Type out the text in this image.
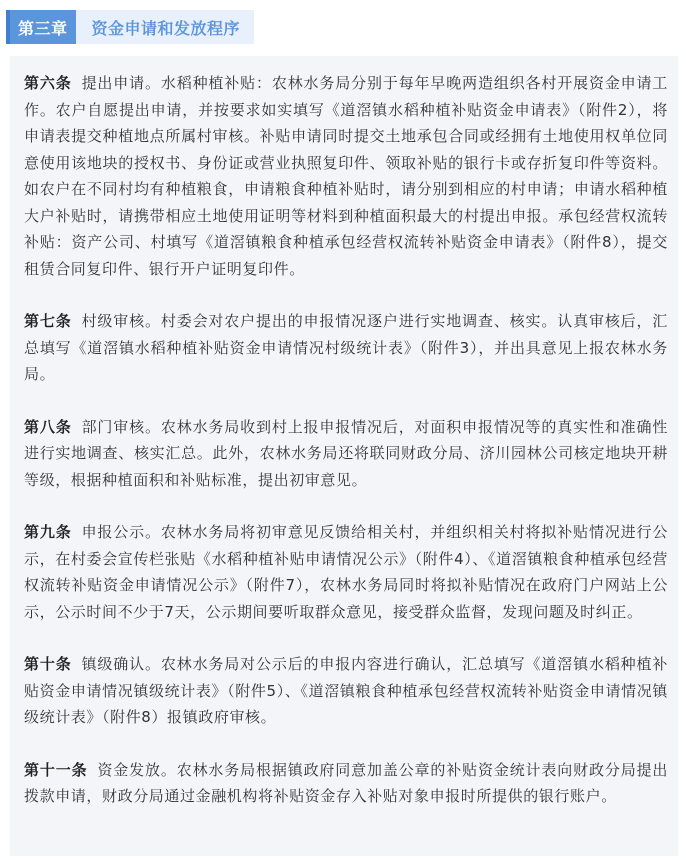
第三章	资金申请和发放程序

第六条 提出申请。水稻种植补贴：农林水务局分别于每年早晚两造组织各村开展资金申请工作。农户自愿提出申请，并按要求如实填写《道滘镇水稻种植补贴资金申请表》（附件2），将申请表提交种植地点所属村审核。补贴申请同时提交土地承包合同或经拥有土地使用权单位同意使用该地块的授权书、身份证或营业执照复印件、领取补贴的银行卡或存折复印件等资料。如农户在不同村均有种植粮食，申请粮食种植补贴时，请分别到相应的村申请；申请水稻种植大户补贴时，请携带相应土地使用证明等材料到种植面积最大的村提出申报。承包经营权流转补贴：资产公司、村填写《道滘镇粮食种植承包经营权流转补贴资金申请表》（附件8），提交租赁合同复印件、银行开户证明复印件。

第七条 村级审核。村委会对农户提出的申报情况逐户进行实地调查、核实。认真审核后，汇总填写《道滘镇水稻种植补贴资金申请情况村级统计表》（附件3），并出具意见上报农林水务局。

第八条 部门审核。农林水务局收到村上报申报情况后，对面积申报情况等的真实性和准确性进行实地调查、核实汇总。此外，农林水务局还将联同财政分局、济川园林公司核定地块开耕等级，根据种植面积和补贴标准，提出初审意见。

第九条 申报公示。农林水务局将初审意见反馈给相关村，并组织相关村将拟补贴情况进行公示，在村委会宣传栏张贴《水稻种植补贴申请情况公示》（附件4）、《道滘镇粮食种植承包经营权流转补贴资金申请情况公示》（附件7），农林水务局同时将拟补贴情况在政府门户网站上公示，公示时间不少于7天，公示期间要听取群众意见，接受群众监督，发现问题及时纠正。

第十条 镇级确认。农林水务局对公示后的申报内容进行确认，汇总填写《道滘镇水稻种植补贴资金申请情况镇级统计表》（附件5）、《道滘镇粮食种植承包经营权流转补贴资金申请情况镇级统计表》（附件8）报镇政府审核。

第十一条 资金发放。农林水务局根据镇政府同意加盖公章的补贴资金统计表向财政分局提出拨款申请，财政分局通过金融机构将补贴资金存入补贴对象申报时所提供的银行账户。
